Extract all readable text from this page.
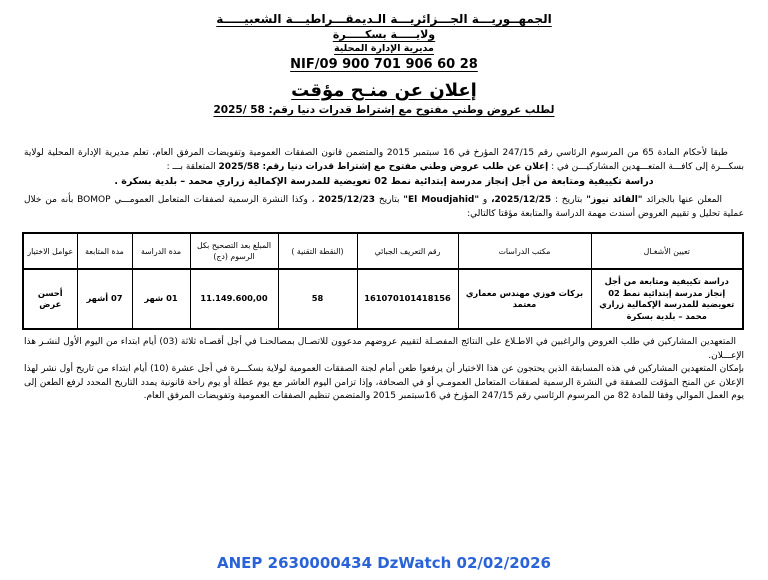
الجمهــوريـــة الجـــزائريـــة الـديمقـــراطيـــة الشعبيـــــة
ولايـــــة بسكـــــرة
مديرية الإدارة المحلية
NIF/09 900 701 906 60 28
إعلان عن منـح مؤقت
لطلب عروض وطني مفتوح مع إشتراط قدرات دنيا رقم: 58 /2025

طبقا لأحكام المادة 65 من المرسوم الرئاسي رقم 247/15 المؤرخ في 16 سبتمبر 2015 والمتضمن قانون الصفقات العمومية وتفويضات المرفق العام، تعلم مديرية الإدارة المحلية لولاية بسكـــرة إلى كافـــة المتعـــهدين المشاركيـــن في : إعلان عن طلب عروض وطني مفتوح مع إشتراط قدرات دنيا رقم: 2025/58 المتعلقة بـــ :

دراسة تكييفية ومتابعة من أجل إنجاز مدرسة إبتدائية نمط 02 تعويضية للمدرسة الإكمالية زراري محمد – بلدية بسكرة .

المعلن عنها بالجرائد "القائد نيوز" بتاريخ : 2025/12/25، و "El Moudjahid" بتاريخ 2025/12/23 ، وكذا النشرة الرسمية لصفقات المتعامل العمومـــي BOMOP بأنه من خلال عملية تحليل و تقييم العروض أسندت مهمة الدراسة والمتابعة مؤقتا كالتالي:

تعيين الأشغـال	مكتب الدراسات	رقم التعريف الجبائي	(النقطة التقنية )	المبلغ بعد التصحيح بكل الرسوم (دج)	مدة الدراسة	مدة المتابعة	عوامل الاختيار
دراسة تكييفية ومتابعة من أجل إنجاز مدرسة إبتدائية نمط 02 تعويضية للمدرسة الإكمالية زراري محمد – بلدية بسكرة	بركات فوزي مهندس معماري معتمد	161070101418156	58	11.149.600,00	01 شهر	07 أشهر	أحسن عرض

المتعهدين المشاركين في طلب العروض والراغبين في الاطـلاع على النتائج المفصـلة لتقييم عروضهم مدعوون للاتصـال بمصالحنـا في أجل أقصـاه ثلاثة (03) أيام ابتداء من اليوم الأول لنشـر هذا الإعـــلان.

بإمكان المتعهدين المشاركين في هذه المسابقة الذين يحتجون عن هذا الاختيار أن يرفعوا طعن أمام لجنة الصفقات العمومية لولاية بسكـــرة في أجل عشرة (10) أيام ابتداء من تاريخ أول نشر لهذا الإعلان عن المنح المؤقت للصفقة في النشرة الرسمية لصفقات المتعامل العمومـي أو في الصحافة، وإذا تزامن اليوم العاشر مع يوم عطلة أو يوم راحة قانونية يمدد التاريخ المحدد لرفع الطعن إلى يوم العمل الموالي وفقا للمادة 82 من المرسوم الرئاسي رقم 247/15 المؤرخ في 16سبتمبر 2015 والمتضمن تنظيم الصفقات العمومية وتفويضات المرفق العام.

ANEP 2630000434 DzWatch 02/02/2026
